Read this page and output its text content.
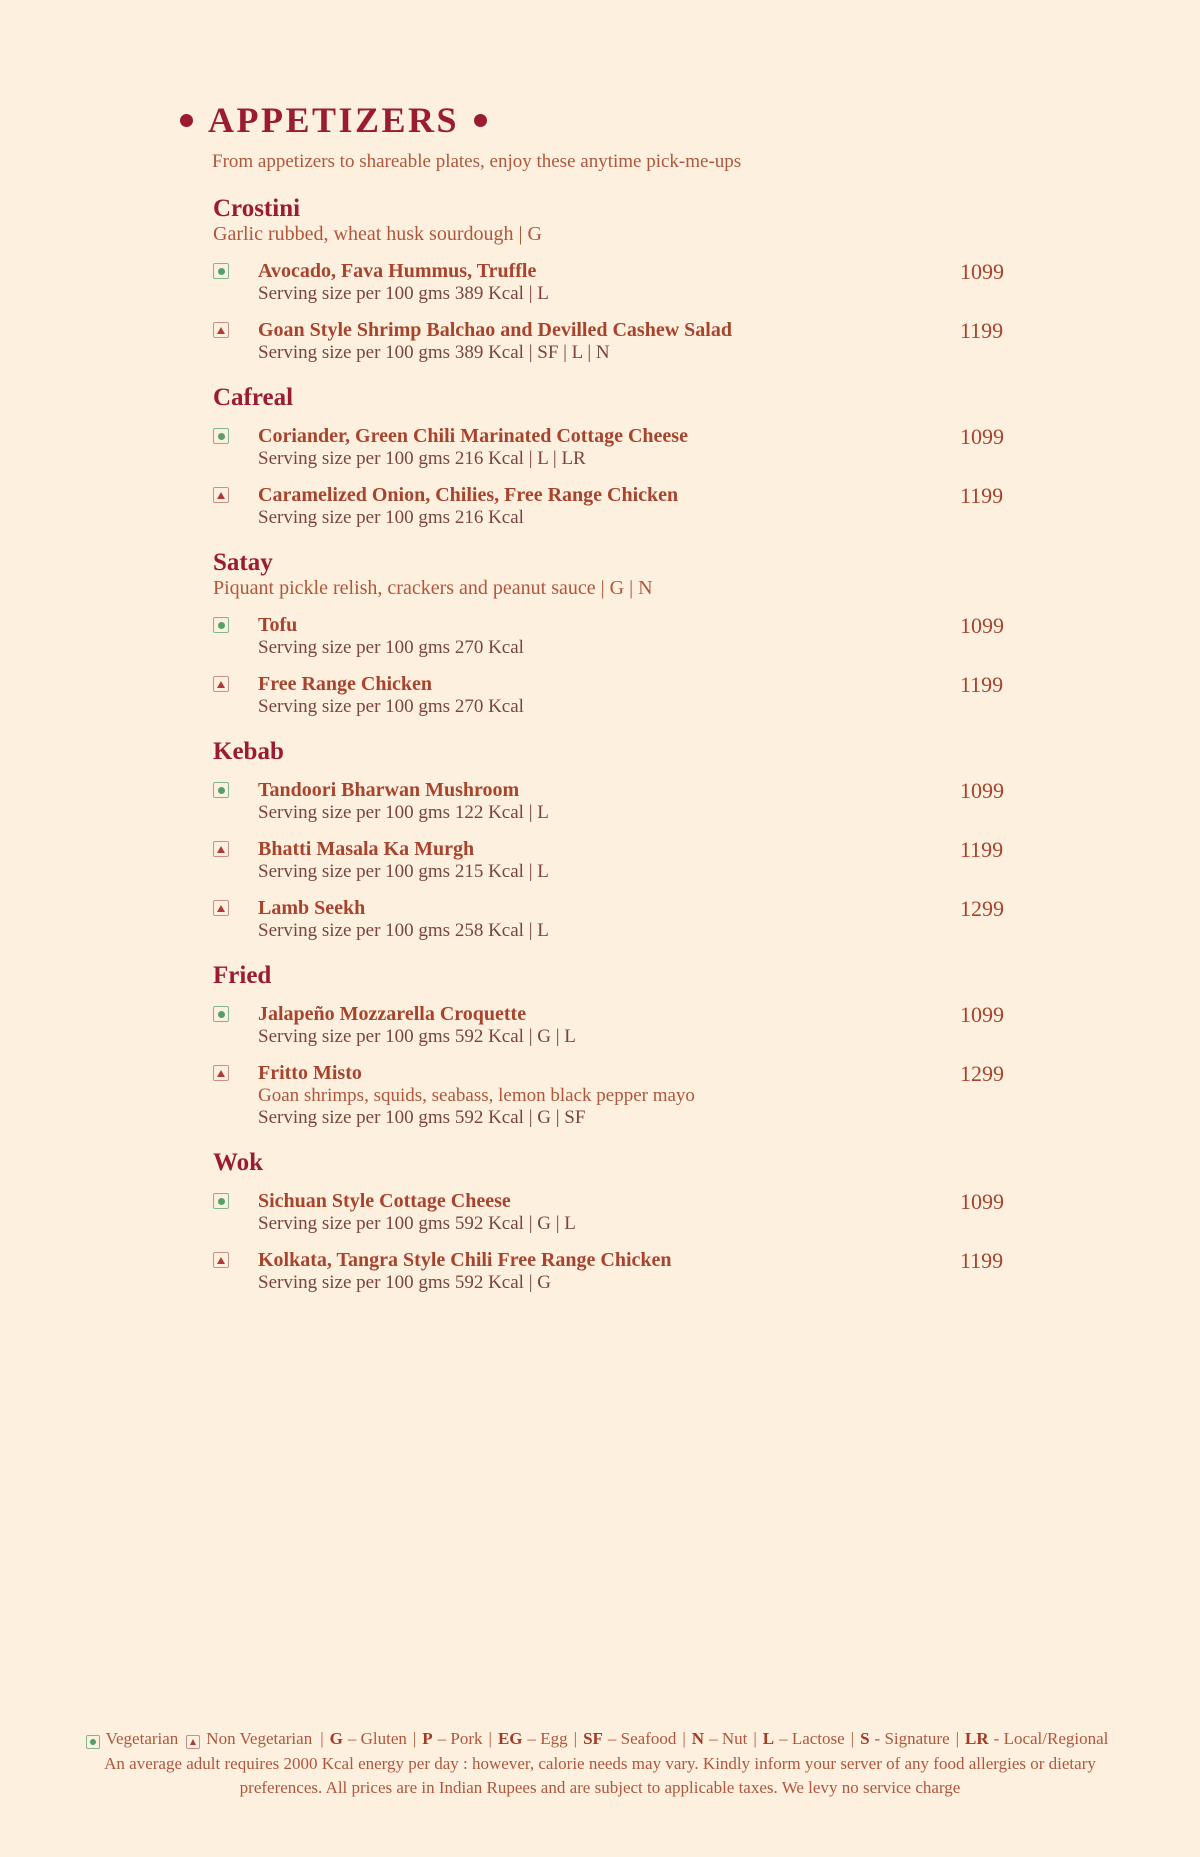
APPETIZERS

From appetizers to shareable plates, enjoy these anytime pick-me-ups

Crostini

Garlic rubbed, wheat husk sourdough | G

Avocado, Fava Hummus, Truffle
Serving size per 100 gms 389 Kcal | L
1099
Goan Style Shrimp Balchao and Devilled Cashew Salad
Serving size per 100 gms 389 Kcal | SF | L | N
1199
Cafreal
Coriander, Green Chili Marinated Cottage Cheese
Serving size per 100 gms 216 Kcal | L | LR
1099
Caramelized Onion, Chilies, Free Range Chicken
Serving size per 100 gms 216 Kcal
1199
Satay

Piquant pickle relish, crackers and peanut sauce | G | N

Tofu
Serving size per 100 gms 270 Kcal
1099
Free Range Chicken
Serving size per 100 gms 270 Kcal
1199
Kebab
Tandoori Bharwan Mushroom
Serving size per 100 gms 122 Kcal | L
1099
Bhatti Masala Ka Murgh
Serving size per 100 gms 215 Kcal | L
1199
Lamb Seekh
Serving size per 100 gms 258 Kcal | L
1299
Fried
Jalapeño Mozzarella Croquette
Serving size per 100 gms 592 Kcal | G | L
1099
Fritto Misto
Goan shrimps, squids, seabass, lemon black pepper mayo
Serving size per 100 gms 592 Kcal | G | SF
1299
Wok
Sichuan Style Cottage Cheese
Serving size per 100 gms 592 Kcal | G | L
1099
Kolkata, Tangra Style Chili Free Range Chicken
Serving size per 100 gms 592 Kcal | G
1199
Vegetarian Non Vegetarian | G – Gluten | P – Pork | EG – Egg | SF – Seafood | N – Nut | L – Lactose | S - Signature | LR - Local/Regional

An average adult requires 2000 Kcal energy per day : however, calorie needs may vary. Kindly inform your server of any food allergies or dietary

preferences. All prices are in Indian Rupees and are subject to applicable taxes. We levy no service charge
